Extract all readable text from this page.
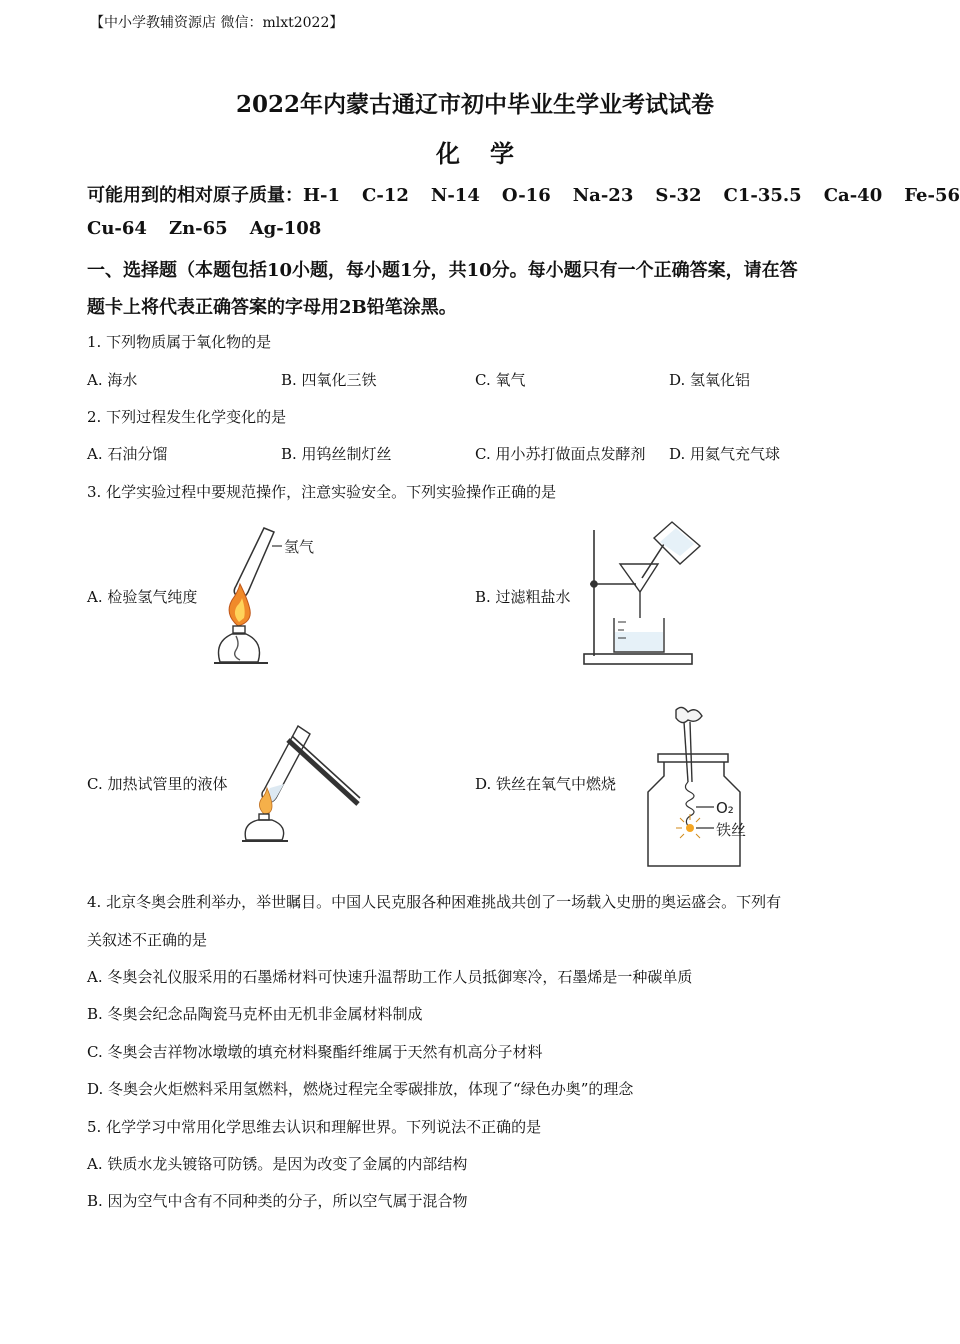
【中小学教辅资源店 微信：mlxt2022】
2022年内蒙古通辽市初中毕业生学业考试试卷
化学
可能用到的相对原子质量：H-1 C-12 N-14 O-16 Na-23 S-32 C1-35.5 Ca-40 Fe-56
Cu-64 Zn-65 Ag-108
一、选择题（本题包括10小题，每小题1分，共10分。每小题只有一个正确答案，请在答
题卡上将代表正确答案的字母用2B铅笔涂黑。
1. 下列物质属于氧化物的是
A. 海水	B. 四氧化三铁	C. 氧气	D. 氢氧化铝
2. 下列过程发生化学变化的是
A. 石油分馏	B. 用钨丝制灯丝	C. 用小苏打做面点发酵剂 D. 用氦气充气球
3. 化学实验过程中要规范操作，注意实验安全。下列实验操作正确的是
A. 检验氢气纯度	B. 过滤粗盐水
C. 加热试管里的液体	D. 铁丝在氧气中燃烧
氢气
O₂
铁丝
4. 北京冬奥会胜利举办，举世瞩目。中国人民克服各种困难挑战共创了一场载入史册的奥运盛会。下列有
关叙述不正确的是
A. 冬奥会礼仪服采用的石墨烯材料可快速升温帮助工作人员抵御寒冷，石墨烯是一种碳单质
B. 冬奥会纪念品陶瓷马克杯由无机非金属材料制成
C. 冬奥会吉祥物冰墩墩的填充材料聚酯纤维属于天然有机高分子材料
D. 冬奥会火炬燃料采用氢燃料，燃烧过程完全零碳排放，体现了“绿色办奥”的理念
5. 化学学习中常用化学思维去认识和理解世界。下列说法不正确的是
A. 铁质水龙头镀铬可防锈。是因为改变了金属的内部结构
B. 因为空气中含有不同种类的分子，所以空气属于混合物
